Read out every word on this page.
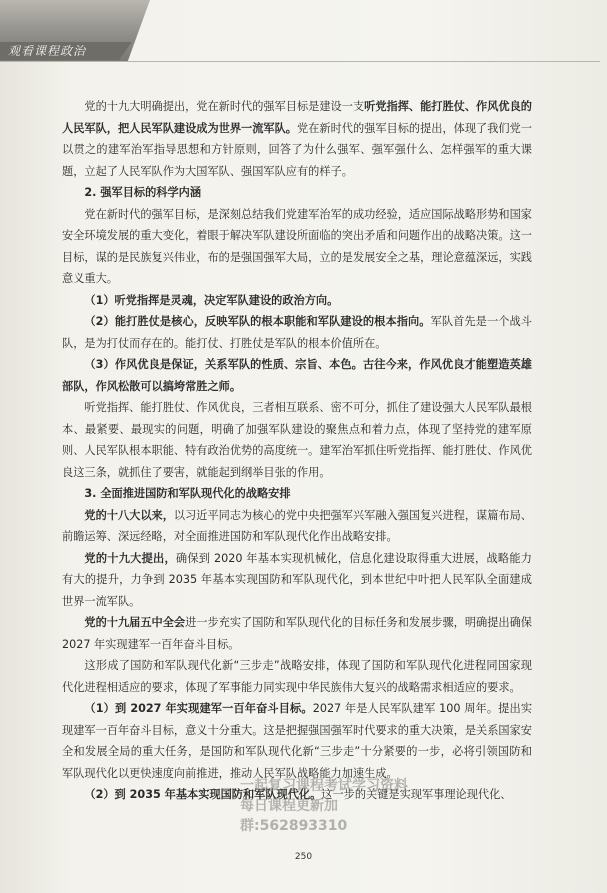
观看课程政治

党的十九大明确提出，党在新时代的强军目标是建设一支听党指挥、能打胜仗、作风优良的人民军队，把人民军队建设成为世界一流军队。党在新时代的强军目标的提出，体现了我们党一以贯之的建军治军指导思想和方针原则，回答了为什么强军、强军强什么、怎样强军的重大课题，立起了人民军队作为大国军队、强国军队应有的样子。

2. 强军目标的科学内涵

党在新时代的强军目标，是深刻总结我们党建军治军的成功经验，适应国际战略形势和国家安全环境发展的重大变化，着眼于解决军队建设所面临的突出矛盾和问题作出的战略决策。这一目标，谋的是民族复兴伟业，布的是强国强军大局，立的是发展安全之基，理论意蕴深远，实践意义重大。

（1）听党指挥是灵魂，决定军队建设的政治方向。

（2）能打胜仗是核心，反映军队的根本职能和军队建设的根本指向。军队首先是一个战斗队，是为打仗而存在的。能打仗、打胜仗是军队的根本价值所在。

（3）作风优良是保证，关系军队的性质、宗旨、本色。古往今来，作风优良才能塑造英雄部队，作风松散可以搞垮常胜之师。

听党指挥、能打胜仗、作风优良，三者相互联系、密不可分，抓住了建设强大人民军队最根本、最紧要、最现实的问题，明确了加强军队建设的聚焦点和着力点，体现了坚持党的建军原则、人民军队根本职能、特有政治优势的高度统一。建军治军抓住听党指挥、能打胜仗、作风优良这三条，就抓住了要害，就能起到纲举目张的作用。

3. 全面推进国防和军队现代化的战略安排

党的十八大以来，以习近平同志为核心的党中央把强军兴军融入强国复兴进程，谋篇布局、前瞻运筹、深远经略，对全面推进国防和军队现代化作出战略安排。

党的十九大提出，确保到 2020 年基本实现机械化，信息化建设取得重大进展，战略能力有大的提升，力争到 2035 年基本实现国防和军队现代化，到本世纪中叶把人民军队全面建成世界一流军队。

党的十九届五中全会进一步充实了国防和军队现代化的目标任务和发展步骤，明确提出确保 2027 年实现建军一百年奋斗目标。

这形成了国防和军队现代化新“三步走”战略安排，体现了国防和军队现代化进程同国家现代化进程相适应的要求，体现了军事能力同实现中华民族伟大复兴的战略需求相适应的要求。

（1）到 2027 年实现建军一百年奋斗目标。2027 年是人民军队建军 100 周年。提出实现建军一百年奋斗目标，意义十分重大。这是把握强国强军时代要求的重大决策，是关系国家安全和发展全局的重大任务，是国防和军队现代化新“三步走”十分紧要的一步，必将引领国防和军队现代化以更快速度向前推进，推动人民军队战略能力加速生成。

（2）到 2035 年基本实现国防和军队现代化。这一步的关键是实现军事理论现代化、

一起复习课程考试学习资料
每日课程更新加群:562893310
250
